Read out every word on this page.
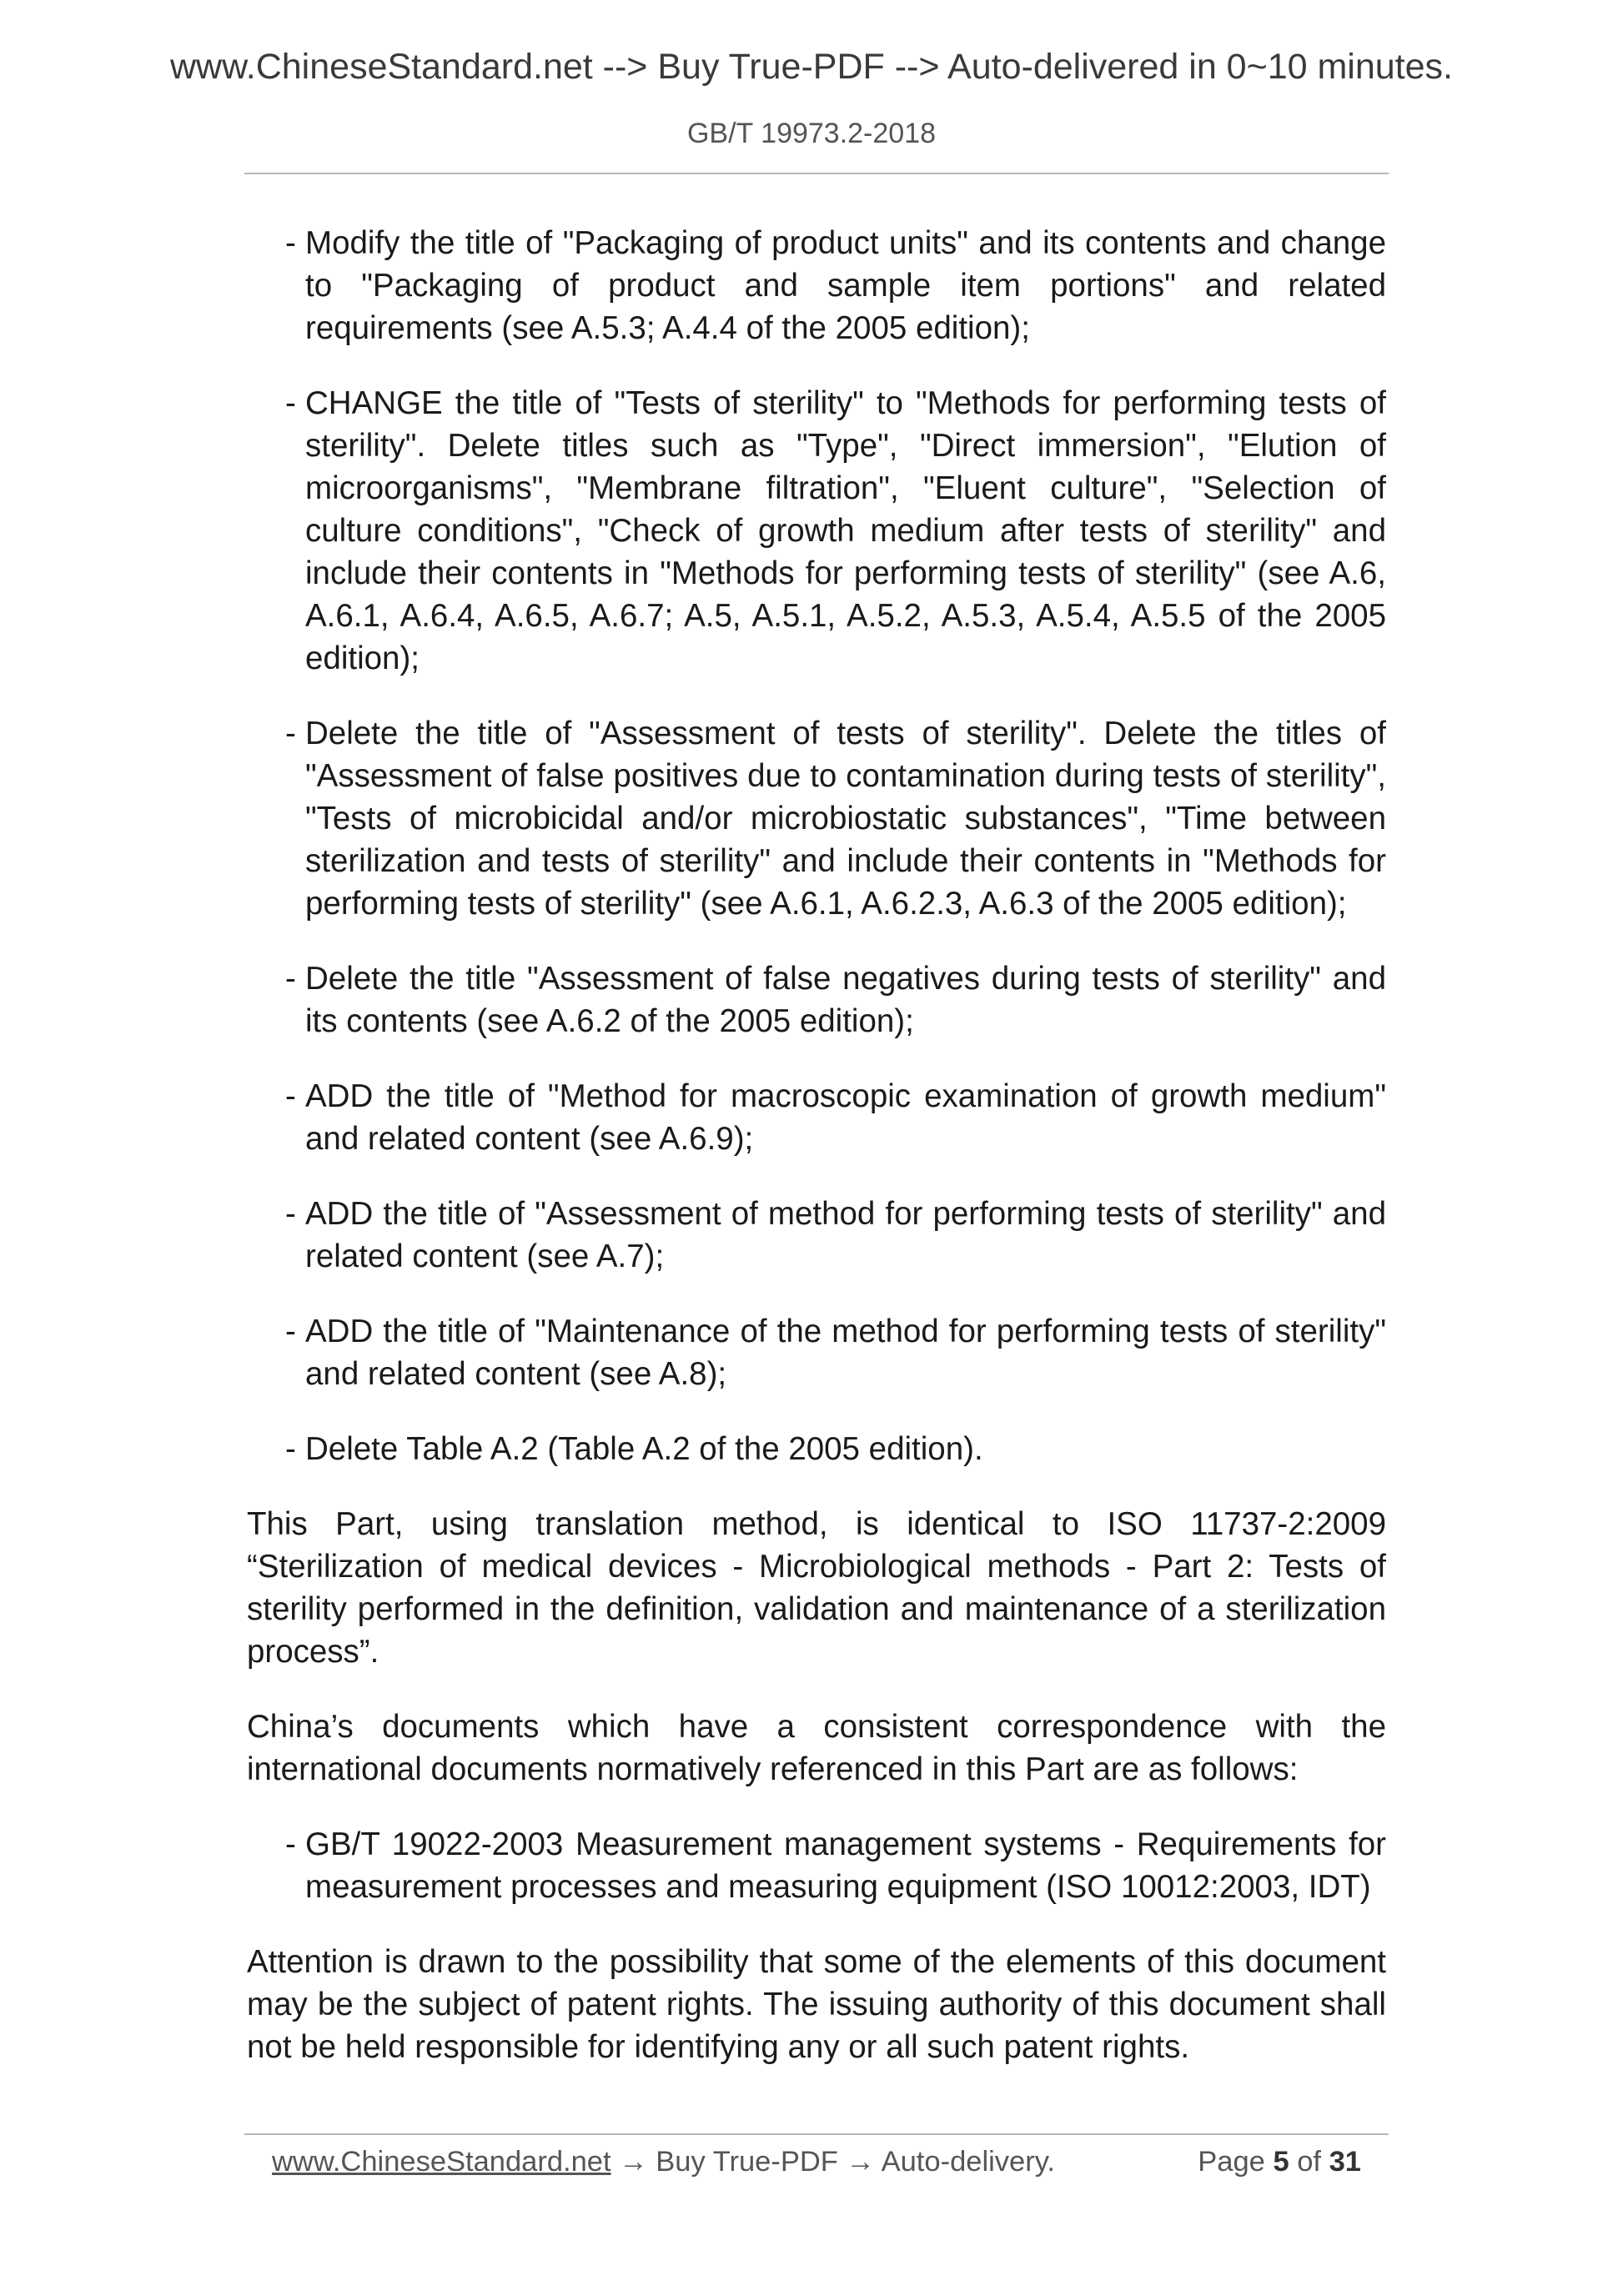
www.ChineseStandard.net --> Buy True-PDF --> Auto-delivered in 0~10 minutes.
GB/T 19973.2-2018
- Modify the title of "Packaging of product units" and its contents and change to "Packaging of product and sample item portions" and related requirements (see A.5.3; A.4.4 of the 2005 edition);
- CHANGE the title of "Tests of sterility" to "Methods for performing tests of sterility". Delete titles such as "Type", "Direct immersion", "Elution of microorganisms", "Membrane filtration", "Eluent culture", "Selection of culture conditions", "Check of growth medium after tests of sterility" and include their contents in "Methods for performing tests of sterility" (see A.6, A.6.1, A.6.4, A.6.5, A.6.7; A.5, A.5.1, A.5.2, A.5.3, A.5.4, A.5.5 of the 2005 edition);
- Delete the title of "Assessment of tests of sterility". Delete the titles of "Assessment of false positives due to contamination during tests of sterility", "Tests of microbicidal and/or microbiostatic substances", "Time between sterilization and tests of sterility" and include their contents in "Methods for performing tests of sterility" (see A.6.1, A.6.2.3, A.6.3 of the 2005 edition);
- Delete the title "Assessment of false negatives during tests of sterility" and its contents (see A.6.2 of the 2005 edition);
- ADD the title of "Method for macroscopic examination of growth medium" and related content (see A.6.9);
- ADD the title of "Assessment of method for performing tests of sterility" and related content (see A.7);
- ADD the title of "Maintenance of the method for performing tests of sterility" and related content (see A.8);
- Delete Table A.2 (Table A.2 of the 2005 edition).

This Part, using translation method, is identical to ISO 11737-2:2009 “Sterilization of medical devices - Microbiological methods - Part 2: Tests of sterility performed in the definition, validation and maintenance of a sterilization process”.

China’s documents which have a consistent correspondence with the international documents normatively referenced in this Part are as follows:

- GB/T 19022-2003 Measurement management systems - Requirements for measurement processes and measuring equipment (ISO 10012:2003, IDT)

Attention is drawn to the possibility that some of the elements of this document may be the subject of patent rights. The issuing authority of this document shall not be held responsible for identifying any or all such patent rights.

www.ChineseStandard.net → Buy True-PDF → Auto-delivery.	Page 5 of 31
